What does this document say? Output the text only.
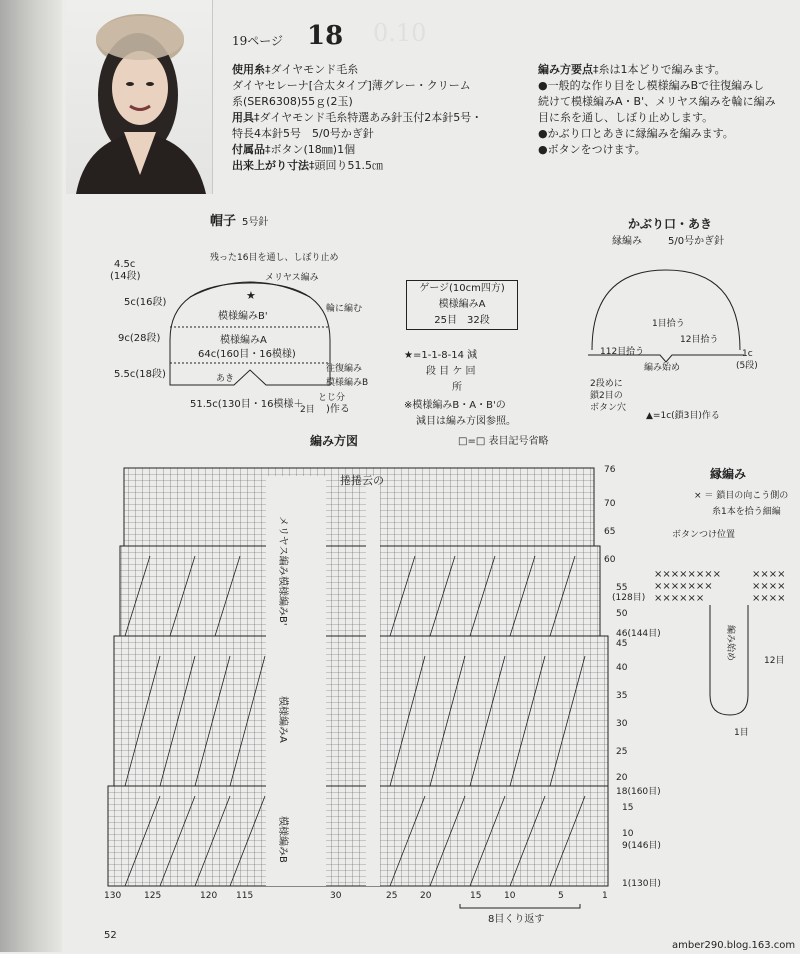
19ページ 18 0.10
使用糸‡ダイヤモンド毛糸
ダイヤセレーナ[合太タイプ]薄グレー・クリーム
系(SER6308)55ｇ(2玉)
用具‡ダイヤモンド毛糸特選あみ針玉付2本針5号・
特長4本針5号　5/0号かぎ針
付属品‡ボタン(18㎜)1個
出来上がり寸法‡頭回り51.5㎝
編み方要点‡糸は1本どりで編みます。
●一般的な作り目をし模様編みBで往復編みし
続けて模様編みA・B'、メリヤス編みを輪に編み
目に糸を通し、しぼり止めします。
●かぶり口とあきに縁編みを編みます。
●ボタンをつけます。
帽子 5号針
残った16目を通し、しぼり止め
4.5c
(14段)	メリヤス編み
★
輪に編む
5c(16段)
模様編みB'
9c(28段)	模様編みA
64c(160目・16模様)
5.5c(18段)	往復編み
模様編みB
あき
とじ分
2目
51.5c(130目・16模様＋ )作る
ゲージ(10cm四方)
模様編みA
25目　32段
★=1-1-8-14 減
段 目 ケ 回
所
※模様編みB・A・B'の
減目は編み方図参照。
かぶり口・あき
縁編み	5/0号かぎ針
1目拾う
12目拾う
112目拾う	1c
(5段)
編み始め
2段めに
鎖2目の
ボタン穴
▲=1c(鎖3目)作る
編み方図	□=□ 表目記号省略
メリヤス編み
模様編みB'
模様編みA
模様編みB
130	125	120 115	30	25	20	15	10	5	1
8目くり返す
捲捲云の
76
70
65
60
55
(128目)
50
46(144目)
45
40
35
30
25
20
18(160目)
15
10
9(146目)
1(130目)
縁編み
× ＝ 鎖目の向こう側の
糸1本を拾う細編
ボタンつけ位置
××××××××
×××××××
××××××
××××
××××
××××
編み始め	12目
1目
52
amber290.blog.163.com
